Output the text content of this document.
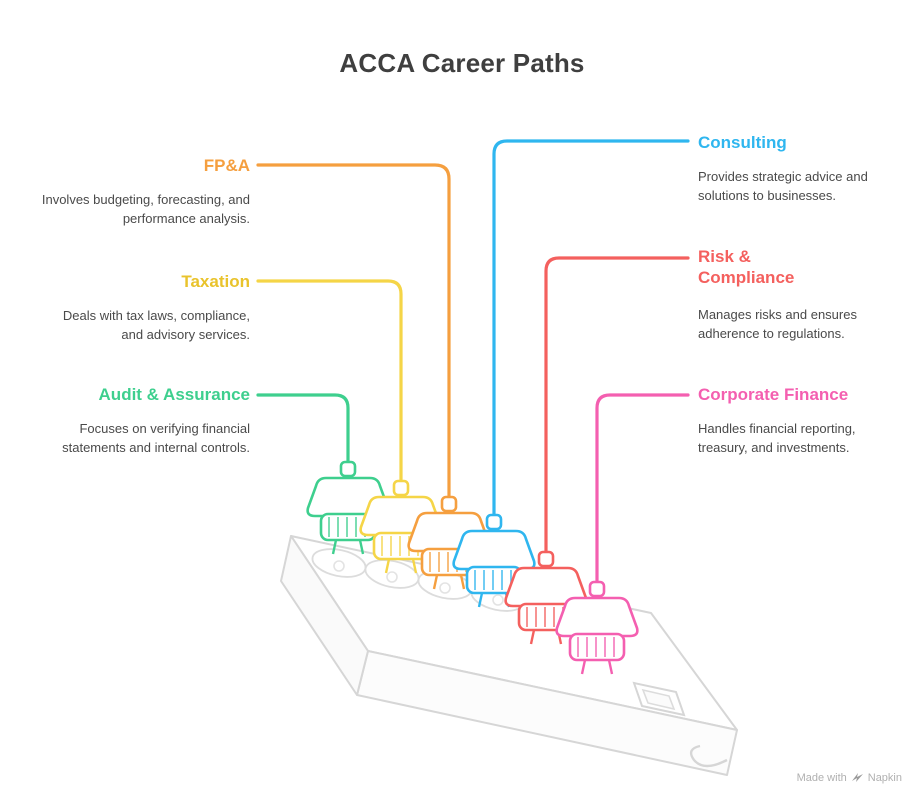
ACCA Career Paths
FP&A
Involves budgeting, forecasting, and performance analysis.
Taxation
Deals with tax laws, compliance, and advisory services.
Audit & Assurance
Focuses on verifying financial statements and internal controls.
Consulting
Provides strategic advice and solutions to businesses.
Risk & Compliance
Manages risks and ensures adherence to regulations.
Corporate Finance
Handles financial reporting, treasury, and investments.
Made with Napkin
